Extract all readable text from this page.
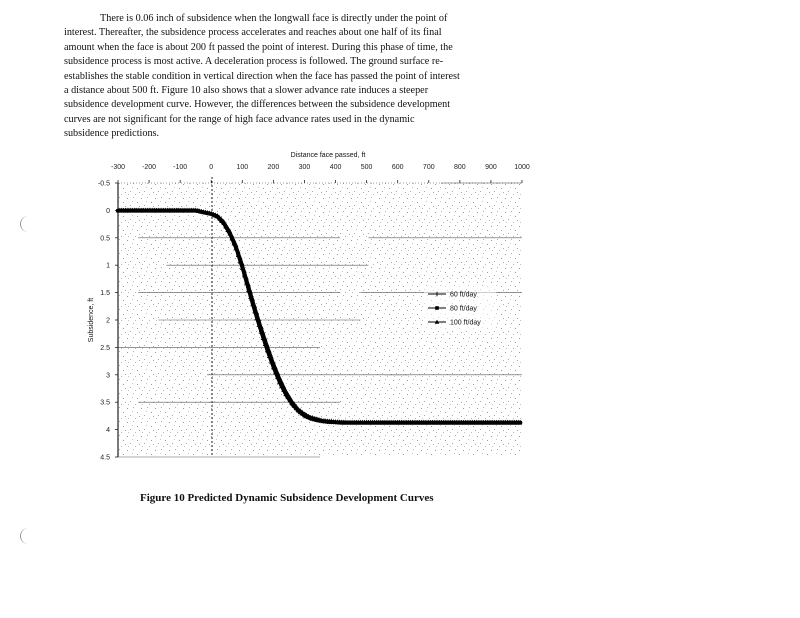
There is 0.06 inch of subsidence when the longwall face is directly under the point of
interest. Thereafter, the subsidence process accelerates and reaches about one half of its final
amount when the face is about 200 ft passed the point of interest. During this phase of time, the
subsidence process is most active. A deceleration process is followed. The ground surface re-
establishes the stable condition in vertical direction when the face has passed the point of interest
a distance about 500 ft. Figure 10 also shows that a slower advance rate induces a steeper
subsidence development curve. However, the differences between the subsidence development
curves are not significant for the range of high face advance rates used in the dynamic
subsidence predictions.

-300 -200 -100	0	100	200	300	400	500	600	700	800	900 1000
-0.5
0
0.5
1
1.5
2
2.5
3
3.5
4
4.5
Distance face passed, ft
Subsidence, ft
60 ft/day
80 ft/day
100 ft/day
Figure 10 Predicted Dynamic Subsidence Development Curves
